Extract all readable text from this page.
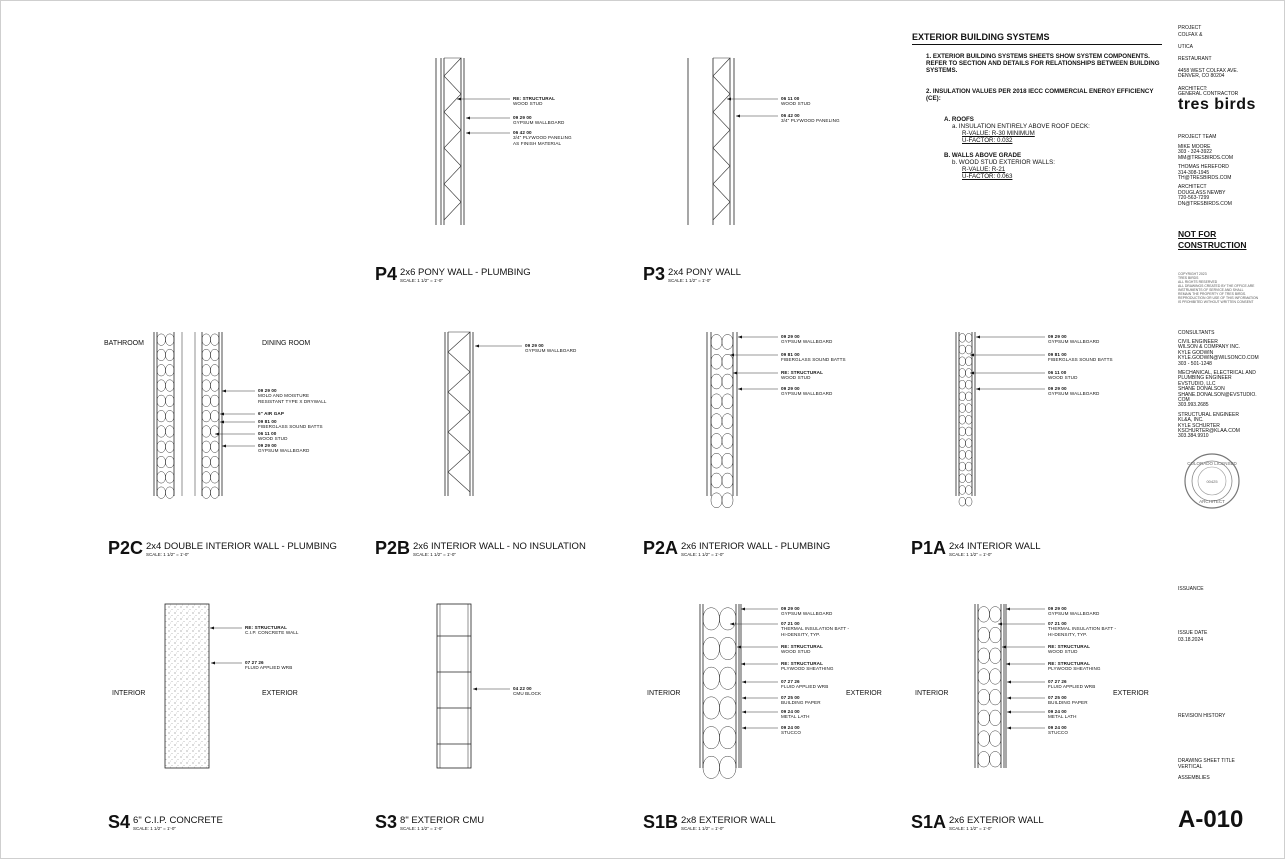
EXTERIOR BUILDING SYSTEMS
1. EXTERIOR BUILDING SYSTEMS SHEETS SHOW SYSTEM COMPONENTS. REFER TO SECTION AND DETAILS FOR RELATIONSHIPS BETWEEN BUILDING SYSTEMS.
2. INSULATION VALUES PER 2018 IECC COMMERCIAL ENERGY EFFICIENCY (CE):
A. ROOFS
a. INSULATION ENTIRELY ABOVE ROOF DECK:
R-VALUE: R-30 MINIMUM
U-FACTOR: 0.032
B. WALLS ABOVE GRADE
b. WOOD STUD EXTERIOR WALLS:
R-VALUE: R-21
U-FACTOR: 0.063
PROJECT
COLFAX &
UTICA
RESTAURANT
4458 WEST COLFAX AVE.
DENVER, CO 80204
ARCHITECT:
GENERAL CONTRACTOR
tres birds
PROJECT TEAM
MIKE MOORE
303 - 324-3922
MM@TRESBIRDS.COM
THOMAS HEREFORD
314-308-1945
TH@TRESBIRDS.COM
ARCHITECT
DOUGLASS NEWBY
720-563-7299
DN@TRESBIRDS.COM
NOT FOR
CONSTRUCTION
COPYRIGHT 2023
TRES BIRDS
ALL RIGHTS RESERVED
ALL DRAWINGS CREATED BY THE OFFICE ARE
INSTRUMENTS OF SERVICE AND SHALL
REMAIN THE PROPERTY OF TRES BIRDS.
REPRODUCTION OR USE OF THIS INFORMATION
IS PROHIBITED WITHOUT WRITTEN CONSENT
CONSULTANTS
CIVIL ENGINEER
WILSON & COMPANY INC.
KYLE GODWIN
KYLE.GODWIN@WILSONCO.COM
303 - 501-1248
MECHANICAL, ELECTRICAL AND
PLUMBING ENGINEER
EVSTUDIO, LLC
SHANE DONALSON
SHANE.DONALSON@EVSTUDIO.
COM
303.993.2685
STRUCTURAL ENGINEER
KL&A, INC.
KYLE SCHURTER
KSCHURTER@KLAA.COM
303.384.9910
COLORADO LICENSED
00425
ARCHITECT
ISSUANCE
ISSUE DATE
03.18.2024
REVISION HISTORY
DRAWING SHEET TITLE
VERTICAL
ASSEMBLIES
A-010
RE: STRUCTURAL
WOOD STUD
09 29 00
GYPSUM WALLBOARD
06 42 00
3/4" PLYWOOD PANELING
AS FINISH MATERIAL
P4 2x6 PONY WALL - PLUMBING
SCALE: 1 1/2" = 1'-0"
06 11 00
WOOD STUD
06 42 00
3/4" PLYWOOD PANELING
P3 2x4 PONY WALL
SCALE: 1 1/2" = 1'-0"
09 29 00
MOLD AND MOISTURE
RESISTANT TYPE X DRYWALL
6" AIR GAP
09 81 00
FIBERGLASS SOUND BATTS
06 11 00
WOOD STUD
09 29 00
GYPSUM WALLBOARD
BATHROOM	DINING ROOM
P2C 2x4 DOUBLE INTERIOR WALL - PLUMBING
SCALE: 1 1/2" = 1'-0"
09 29 00
GYPSUM WALLBOARD
P2B 2x6 INTERIOR WALL - NO INSULATION
SCALE: 1 1/2" = 1'-0"
09 29 00
GYPSUM WALLBOARD
09 81 00
FIBERGLASS SOUND BATTS
RE: STRUCTURAL
WOOD STUD
09 29 00
GYPSUM WALLBOARD
P2A 2x6 INTERIOR WALL - PLUMBING
SCALE: 1 1/2" = 1'-0"
09 29 00
GYPSUM WALLBOARD
09 81 00
FIBERGLASS SOUND BATTS
06 11 00
WOOD STUD
09 29 00
GYPSUM WALLBOARD
P1A 2x4 INTERIOR WALL
SCALE: 1 1/2" = 1'-0"
RE: STRUCTURAL
C.I.P. CONCRETE WALL
07 27 26
FLUID APPLIED WRB
INTERIOR	EXTERIOR
S4 6" C.I.P. CONCRETE
SCALE: 1 1/2" = 1'-0"
04 22 00
CMU BLOCK
S3 8" EXTERIOR CMU
SCALE: 1 1/2" = 1'-0"
09 29 00
GYPSUM WALLBOARD
07 21 00
THERMAL INSULATION BATT -
HI-DENSITY, TYP.
RE: STRUCTURAL
WOOD STUD
RE: STRUCTURAL
PLYWOOD SHEATHING
07 27 26
FLUID APPLIED WRB
07 25 00
BUILDING PAPER
09 24 00
METAL LATH
09 24 00
STUCCO
INTERIOR	EXTERIOR
S1B 2x8 EXTERIOR WALL
SCALE: 1 1/2" = 1'-0"
09 29 00
GYPSUM WALLBOARD
07 21 00
THERMAL INSULATION BATT -
HI-DENSITY, TYP.
RE: STRUCTURAL
WOOD STUD
RE: STRUCTURAL
PLYWOOD SHEATHING
07 27 26
FLUID APPLIED WRB
07 25 00
BUILDING PAPER
09 24 00
METAL LATH
09 24 00
STUCCO
INTERIOR	EXTERIOR
S1A 2x6 EXTERIOR WALL
SCALE: 1 1/2" = 1'-0"
